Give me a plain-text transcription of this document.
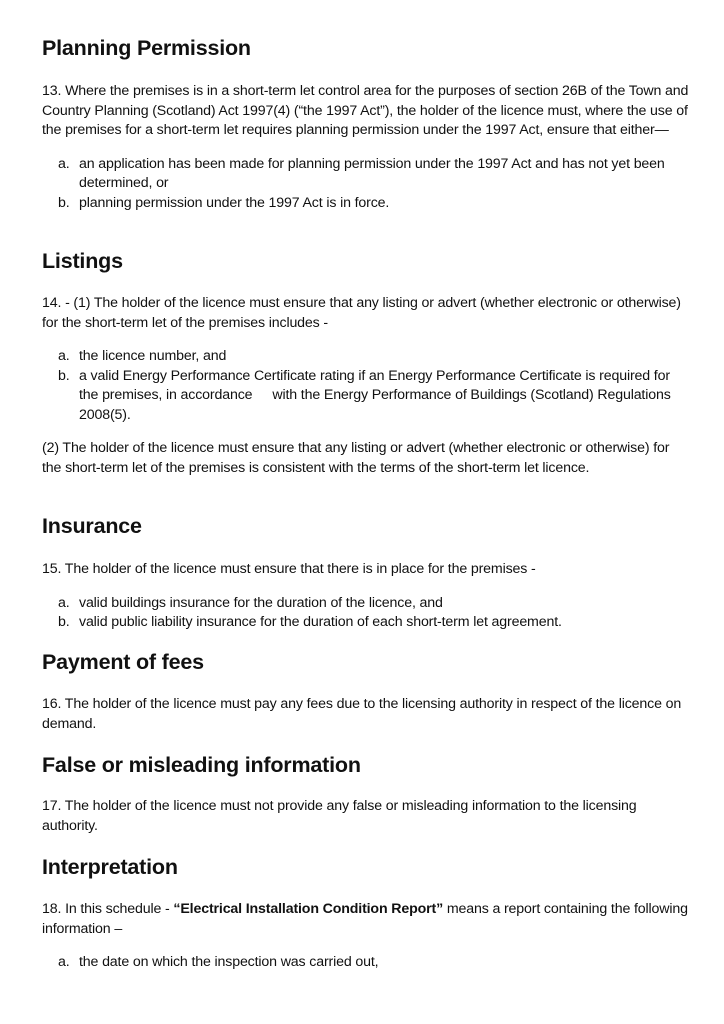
Planning Permission

13. Where the premises is in a short-term let control area for the purposes of section 26B of the Town and Country Planning (Scotland) Act 1997(4) (“the 1997 Act”), the holder of the licence must, where the use of the premises for a short-term let requires planning permission under the 1997 Act, ensure that either—

a. an application has been made for planning permission under the 1997 Act and has not yet been determined, or
b. planning permission under the 1997 Act is in force.
Listings

14. - (1) The holder of the licence must ensure that any listing or advert (whether electronic or otherwise) for the short-term let of the premises includes -

a. the licence number, and
b. a valid Energy Performance Certificate rating if an Energy Performance Certificate is required for the premises, in accordance with the Energy Performance of Buildings (Scotland) Regulations 2008(5).

(2) The holder of the licence must ensure that any listing or advert (whether electronic or otherwise) for the short-term let of the premises is consistent with the terms of the short-term let licence.

Insurance

15. The holder of the licence must ensure that there is in place for the premises -

a. valid buildings insurance for the duration of the licence, and
b. valid public liability insurance for the duration of each short-term let agreement.
Payment of fees

16. The holder of the licence must pay any fees due to the licensing authority in respect of the licence on demand.

False or misleading information

17. The holder of the licence must not provide any false or misleading information to the licensing authority.

Interpretation

18. In this schedule - “Electrical Installation Condition Report” means a report containing the following information –

a. the date on which the inspection was carried out,
